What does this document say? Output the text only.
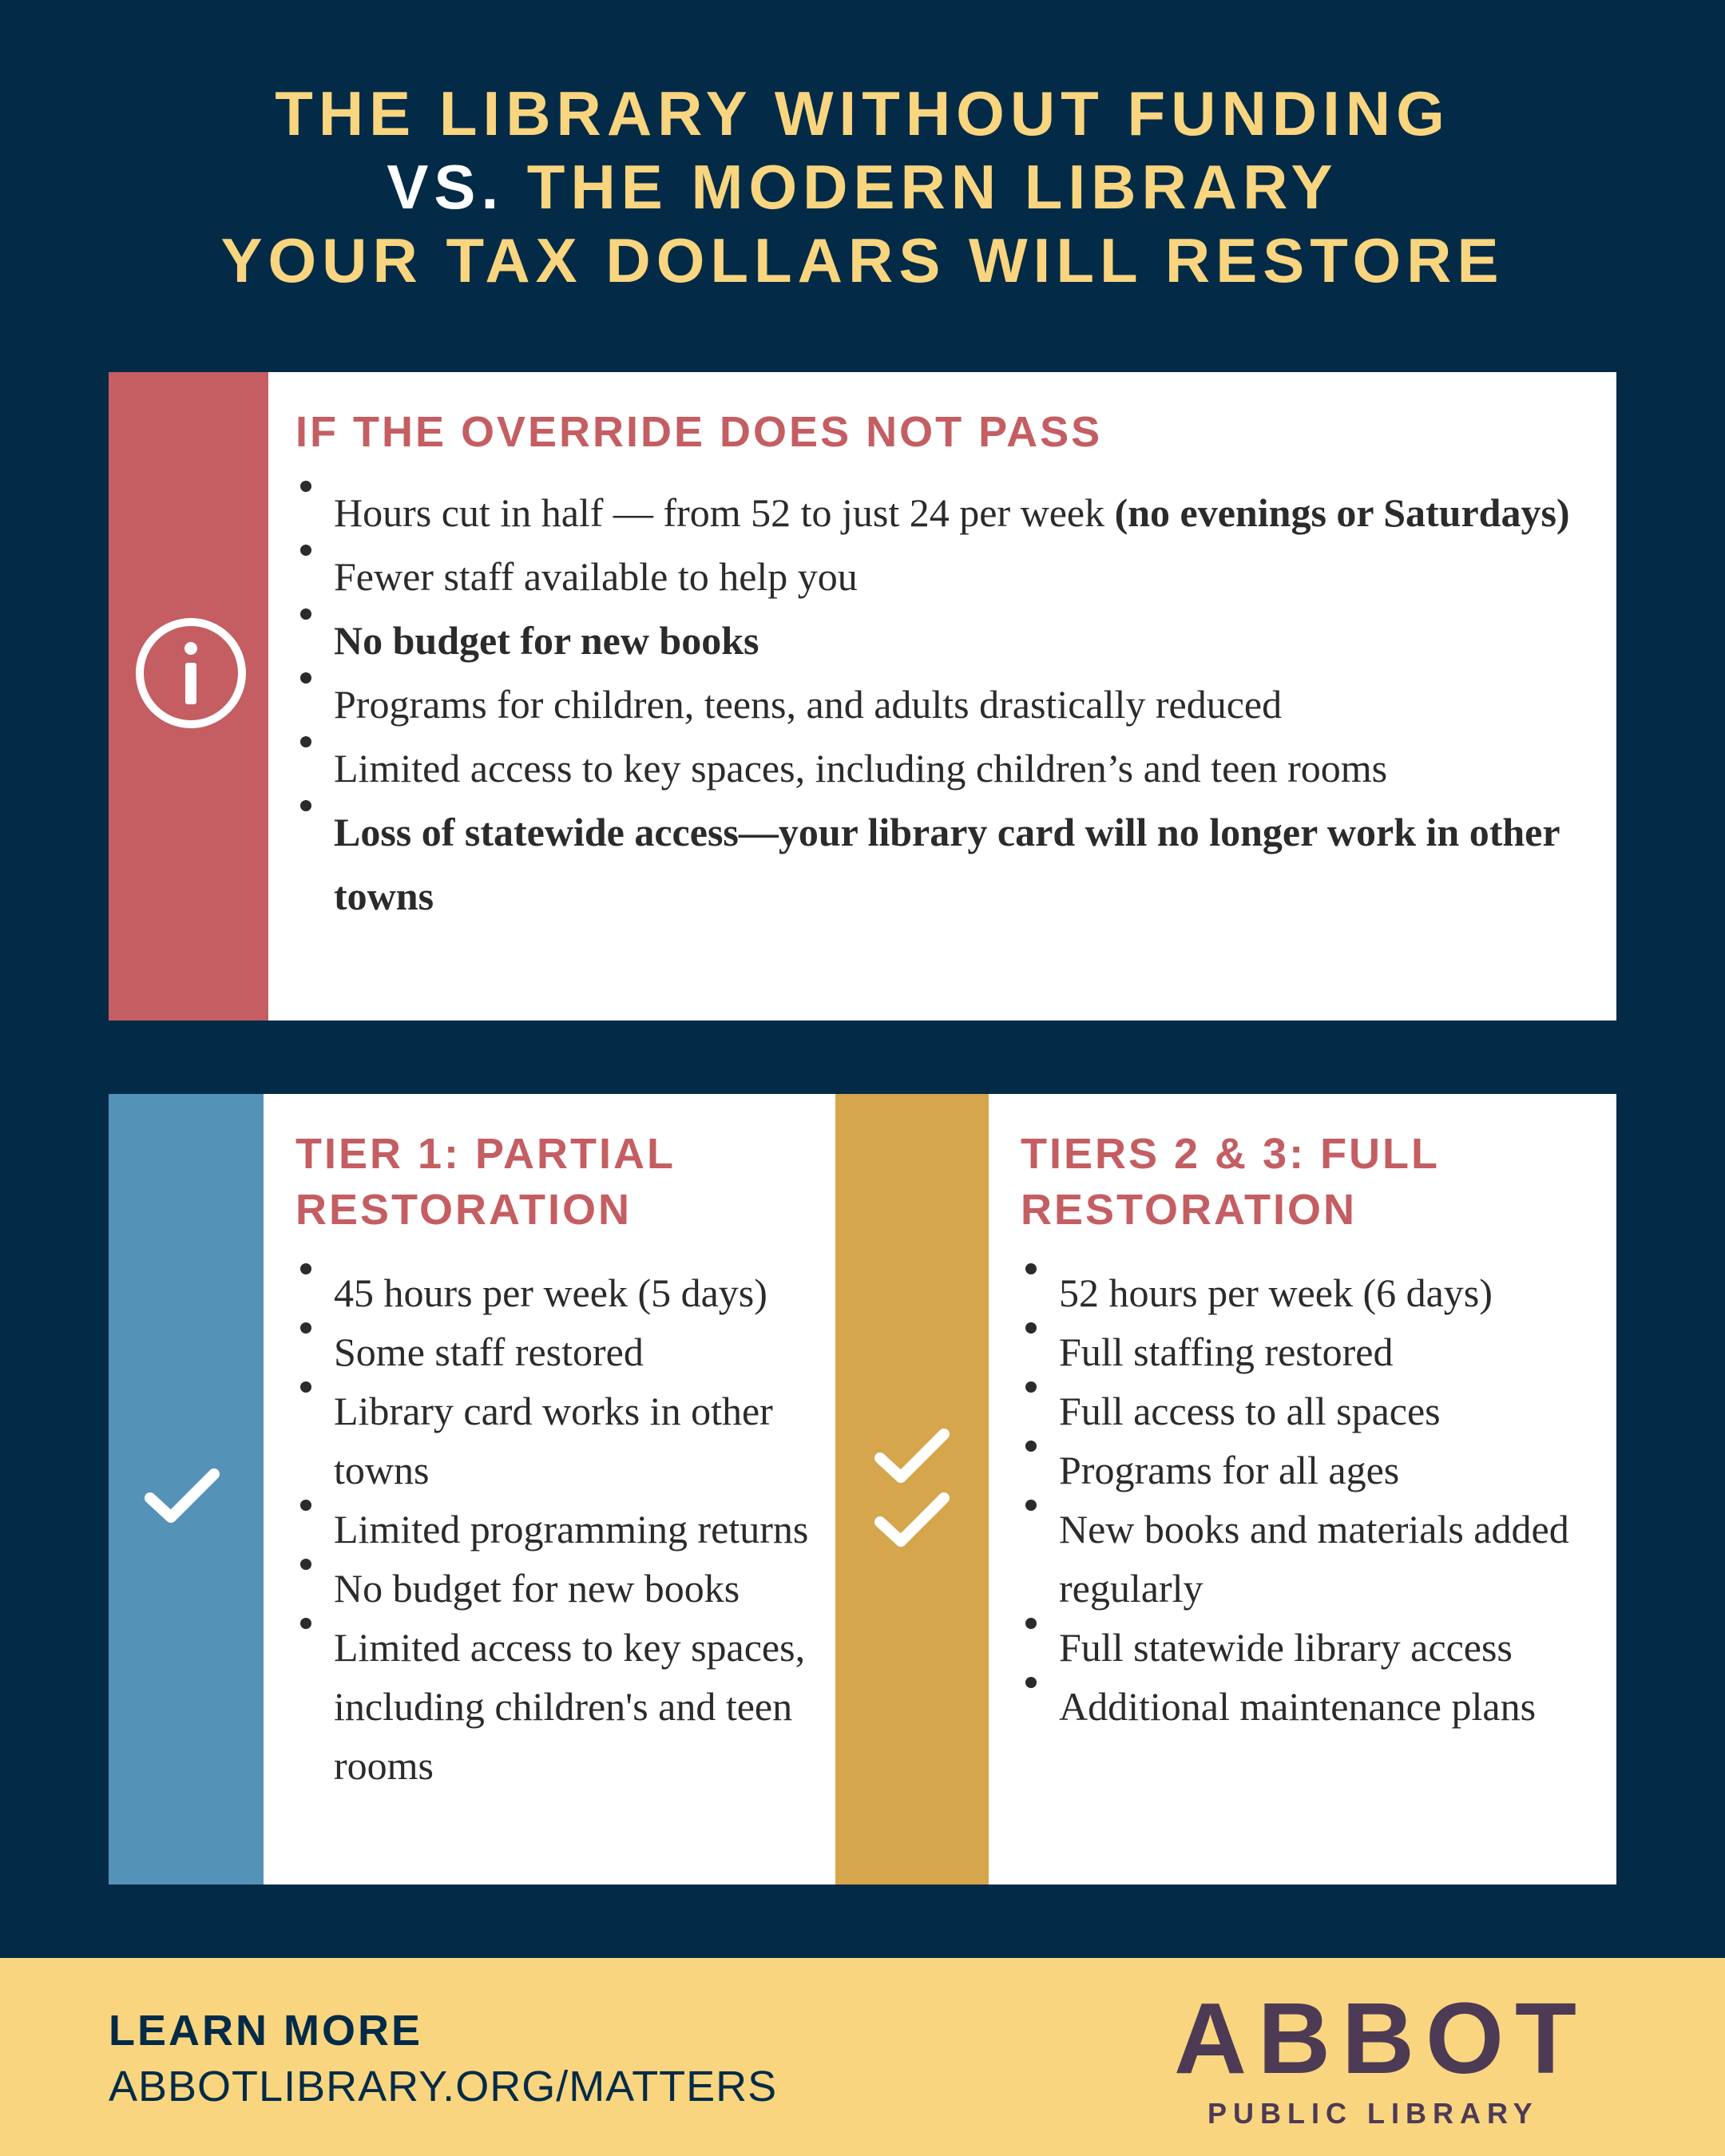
THE LIBRARY WITHOUT FUNDING
VS. THE MODERN LIBRARY
YOUR TAX DOLLARS WILL RESTORE
IF THE OVERRIDE DOES NOT PASS
Hours cut in half — from 52 to just 24 per week (no evenings or Saturdays)
Fewer staff available to help you
No budget for new books
Programs for children, teens, and adults drastically reduced
Limited access to key spaces, including children’s and teen rooms
Loss of statewide access—your library card will no longer work in other towns
TIER 1: PARTIAL RESTORATION
45 hours per week (5 days)
Some staff restored
Library card works in other towns
Limited programming returns
No budget for new books
Limited access to key spaces, including children's and teen rooms
TIERS 2 & 3: FULL RESTORATION
52 hours per week (6 days)
Full staffing restored
Full access to all spaces
Programs for all ages
New books and materials added regularly
Full statewide library access
Additional maintenance plans
LEARN MORE
ABBOTLIBRARY.ORG/MATTERS	ABBOT
PUBLIC LIBRARY
